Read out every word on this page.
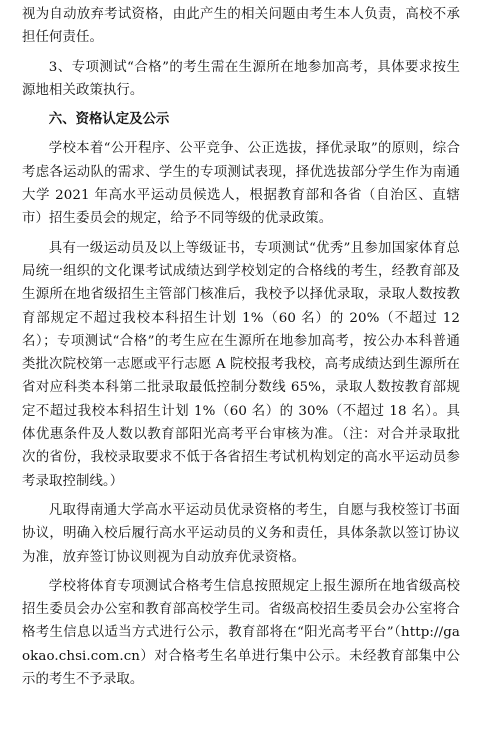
视为自动放弃考试资格，由此产生的相关问题由考生本人负责，高校不承担任何责任。

3、专项测试“合格”的考生需在生源所在地参加高考，具体要求按生源地相关政策执行。

六、资格认定及公示

学校本着“公开程序、公平竞争、公正选拔，择优录取”的原则，综合考虑各运动队的需求、学生的专项测试表现，择优选拔部分学生作为南通大学 2021 年高水平运动员候选人，根据教育部和各省（自治区、直辖市）招生委员会的规定，给予不同等级的优录政策。

具有一级运动员及以上等级证书，专项测试“优秀”且参加国家体育总局统一组织的文化课考试成绩达到学校划定的合格线的考生，经教育部及生源所在地省级招生主管部门核准后，我校予以择优录取，录取人数按教育部规定不超过我校本科招生计划 1%（60 名）的 20%（不超过 12 名）；专项测试“合格”的考生应在生源所在地参加高考，按公办本科普通类批次院校第一志愿或平行志愿 A 院校报考我校，高考成绩达到生源所在省对应科类本科第二批录取最低控制分数线 65%，录取人数按教育部规定不超过我校本科招生计划 1%（60 名）的 30%（不超过 18 名）。具体优惠条件及人数以教育部阳光高考平台审核为准。（注：对合并录取批次的省份，我校录取要求不低于各省招生考试机构划定的高水平运动员参考录取控制线。）

凡取得南通大学高水平运动员优录资格的考生，自愿与我校签订书面协议，明确入校后履行高水平运动员的义务和责任，具体条款以签订协议为准，放弃签订协议则视为自动放弃优录资格。

学校将体育专项测试合格考生信息按照规定上报生源所在地省级高校招生委员会办公室和教育部高校学生司。省级高校招生委员会办公室将合格考生信息以适当方式进行公示，教育部将在“阳光高考平台”（http://gaokao.chsi.com.cn）对合格考生名单进行集中公示。未经教育部集中公示的考生不予录取。
